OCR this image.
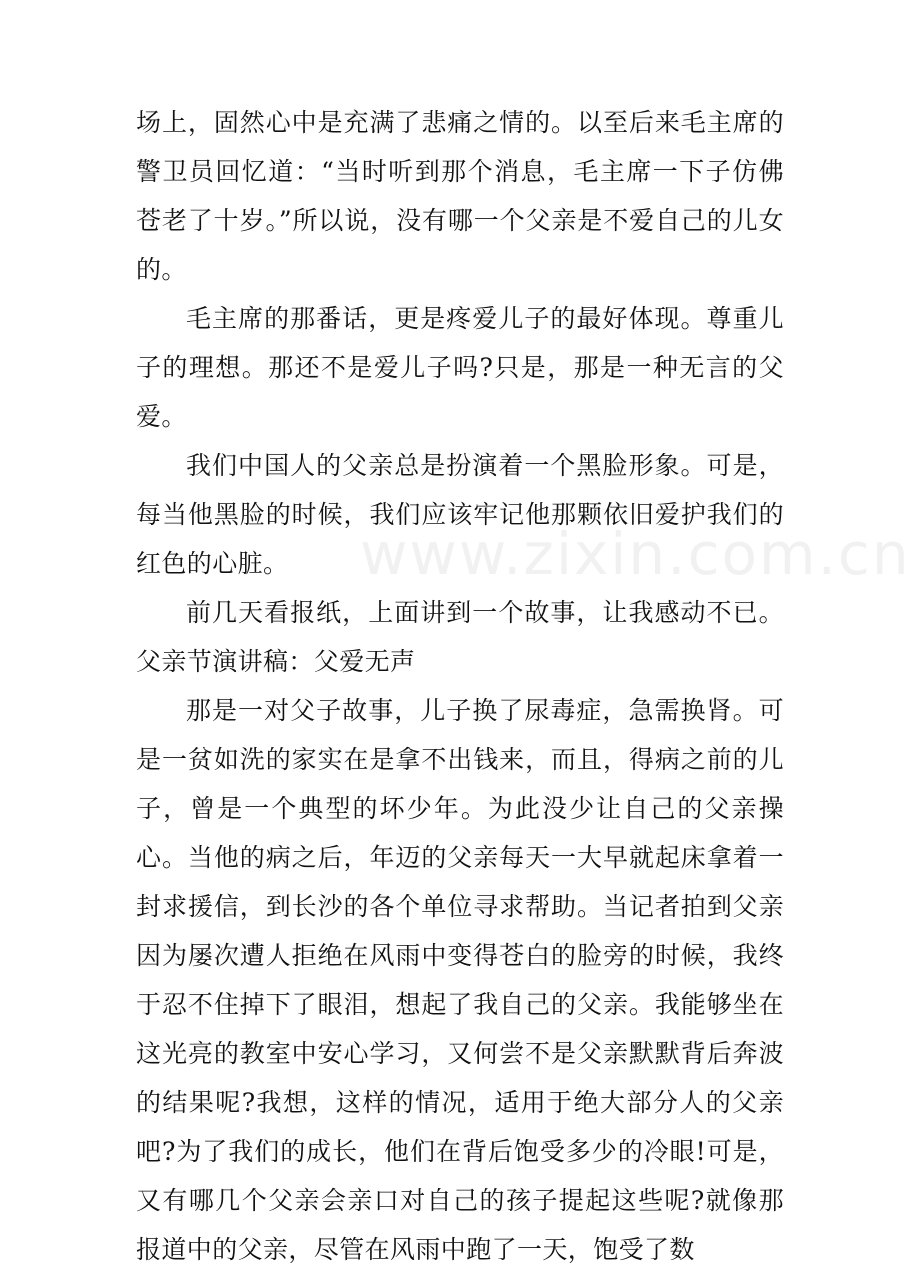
场上，固然心中是充满了悲痛之情的。以至后来毛主席的警卫员回忆道：“当时听到那个消息，毛主席一下子仿佛苍老了十岁。”所以说，没有哪一个父亲是不爱自己的儿女的。

毛主席的那番话，更是疼爱儿子的最好体现。尊重儿子的理想。那还不是爱儿子吗?只是，那是一种无言的父爱。

我们中国人的父亲总是扮演着一个黑脸形象。可是，每当他黑脸的时候，我们应该牢记他那颗依旧爱护我们的红色的心脏。

前几天看报纸，上面讲到一个故事，让我感动不已。父亲节演讲稿：父爱无声

那是一对父子故事，儿子换了尿毒症，急需换肾。可是一贫如洗的家实在是拿不出钱来，而且，得病之前的儿子，曾是一个典型的坏少年。为此没少让自己的父亲操心。当他的病之后，年迈的父亲每天一大早就起床拿着一封求援信，到长沙的各个单位寻求帮助。当记者拍到父亲因为屡次遭人拒绝在风雨中变得苍白的脸旁的时候，我终于忍不住掉下了眼泪，想起了我自己的父亲。我能够坐在这光亮的教室中安心学习，又何尝不是父亲默默背后奔波的结果呢?我想，这样的情况，适用于绝大部分人的父亲吧?为了我们的成长，他们在背后饱受多少的冷眼!可是，又有哪几个父亲会亲口对自己的孩子提起这些呢?就像那报道中的父亲，尽管在风雨中跑了一天，饱受了数

www.zixin.com.cn
